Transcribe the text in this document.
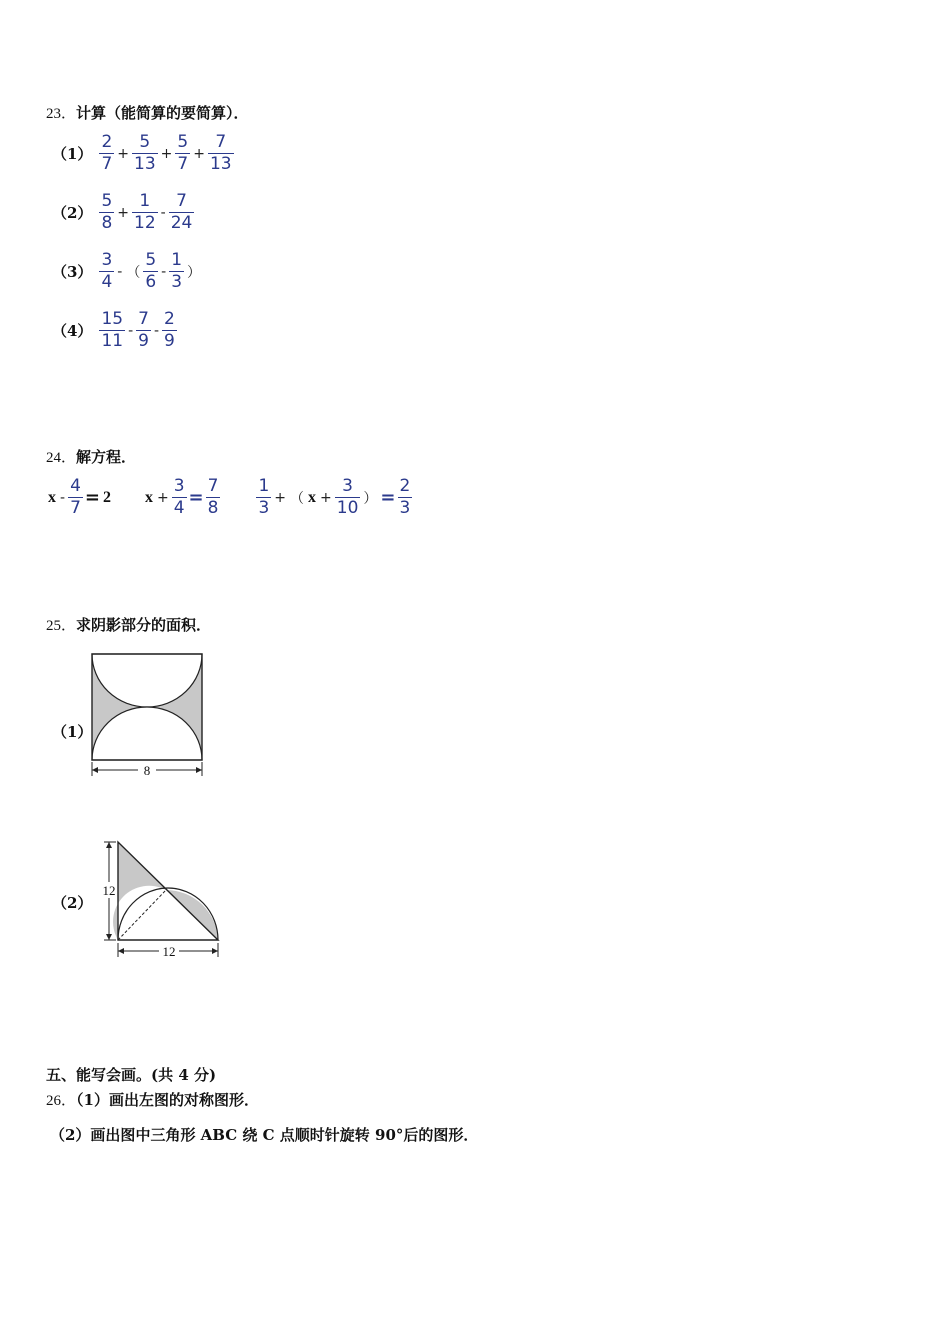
23．计算（能简算的要简算）．
$(1) \frac{2}{7} + \frac{5}{13} + \frac{5}{7} + \frac{7}{13}$
$(2) \frac{5}{8} + \frac{1}{12} - \frac{7}{24}$
$(3) \frac{3}{4}$ - （ $\frac{5}{6} - \frac{1}{3}$ ）
$(4) \frac{15}{11} - \frac{7}{9} - \frac{2}{9}$
24．解方程．
$x - \frac{4}{7} = 2$ $x + \frac{3}{4} = \frac{7}{8} \frac{1}{3}$ + （ $x + \frac{3}{10}$ ） = $\frac{2}{3}$
25．求阴影部分的面积．
（1）
8
（2）
12
12
五、能写会画。(共 4 分)
26．（1）画出左图的对称图形．
（2）画出图中三角形 ABC 绕 C 点顺时针旋转 90°后的图形．
